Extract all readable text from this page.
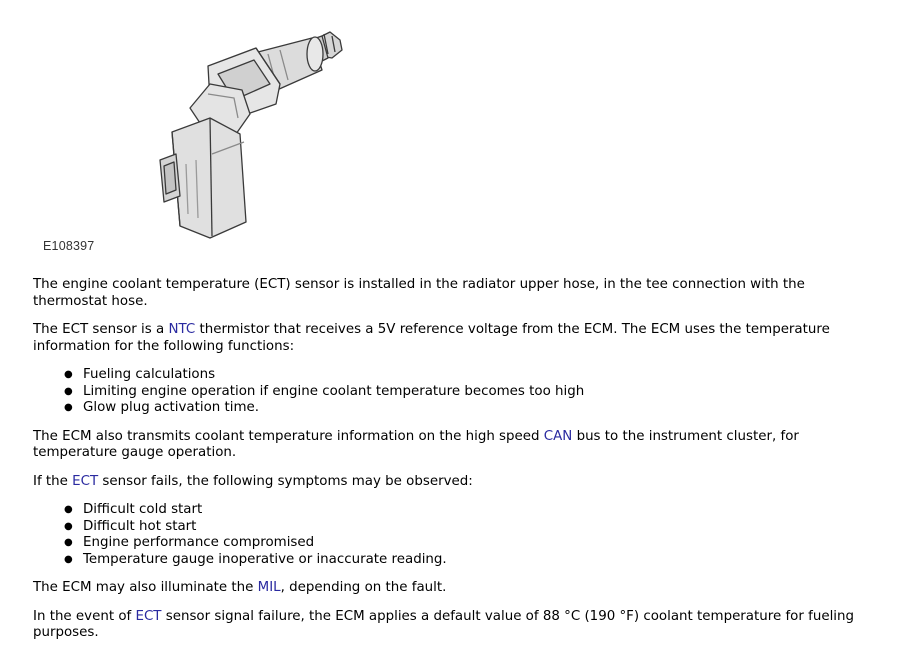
E108397

The engine coolant temperature (ECT) sensor is installed in the radiator upper hose, in the tee connection with the thermostat hose.

The ECT sensor is a NTC thermistor that receives a 5V reference voltage from the ECM. The ECM uses the temperature information for the following functions:

● Fueling calculations
● Limiting engine operation if engine coolant temperature becomes too high
● Glow plug activation time.

The ECM also transmits coolant temperature information on the high speed CAN bus to the instrument cluster, for temperature gauge operation.

If the ECT sensor fails, the following symptoms may be observed:

● Difficult cold start
● Difficult hot start
● Engine performance compromised
● Temperature gauge inoperative or inaccurate reading.

The ECM may also illuminate the MIL, depending on the fault.

In the event of ECT sensor signal failure, the ECM applies a default value of 88 °C (190 °F) coolant temperature for fueling purposes.
